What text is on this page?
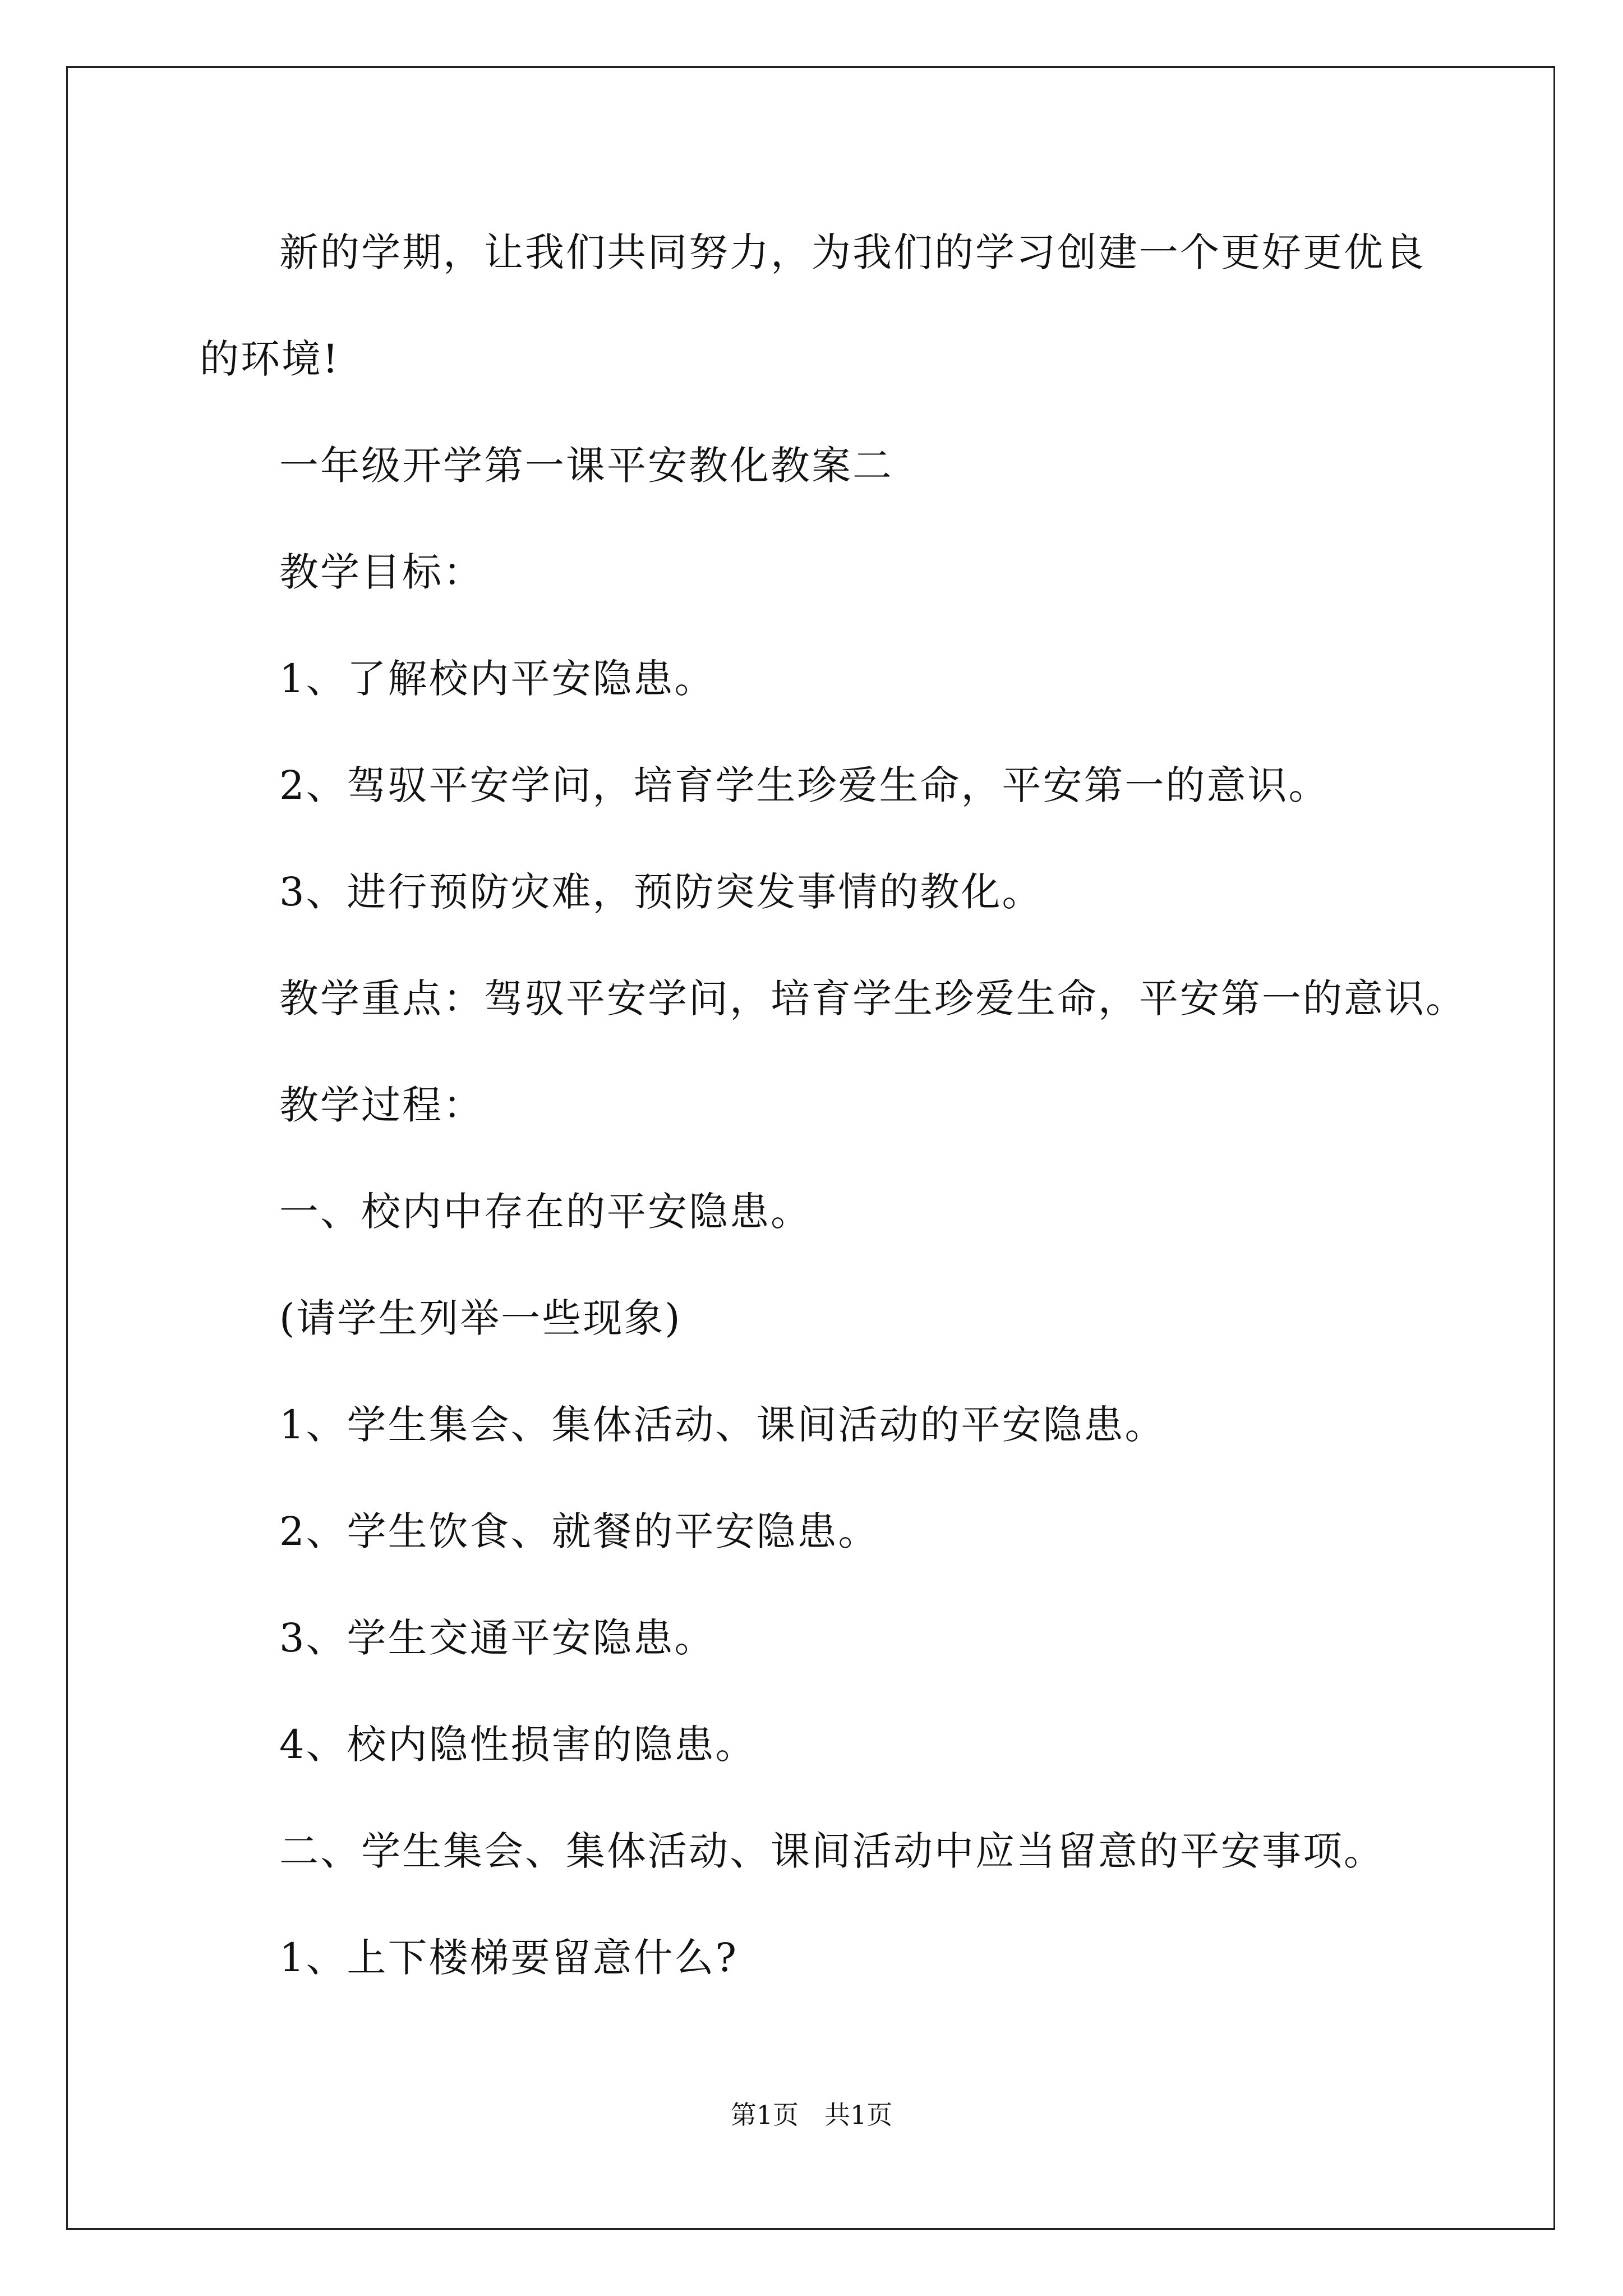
新的学期，让我们共同努力，为我们的学习创建一个更好更优良
的环境!
一年级开学第一课平安教化教案二
教学目标：
1、了解校内平安隐患。
2、驾驭平安学问，培育学生珍爱生命，平安第一的意识。
3、进行预防灾难，预防突发事情的教化。
教学重点：驾驭平安学问，培育学生珍爱生命，平安第一的意识。
教学过程：
一、校内中存在的平安隐患。
(请学生列举一些现象)
1、学生集会、集体活动、课间活动的平安隐患。
2、学生饮食、就餐的平安隐患。
3、学生交通平安隐患。
4、校内隐性损害的隐患。
二、学生集会、集体活动、课间活动中应当留意的平安事项。
1、上下楼梯要留意什么?
第1页 共1页
